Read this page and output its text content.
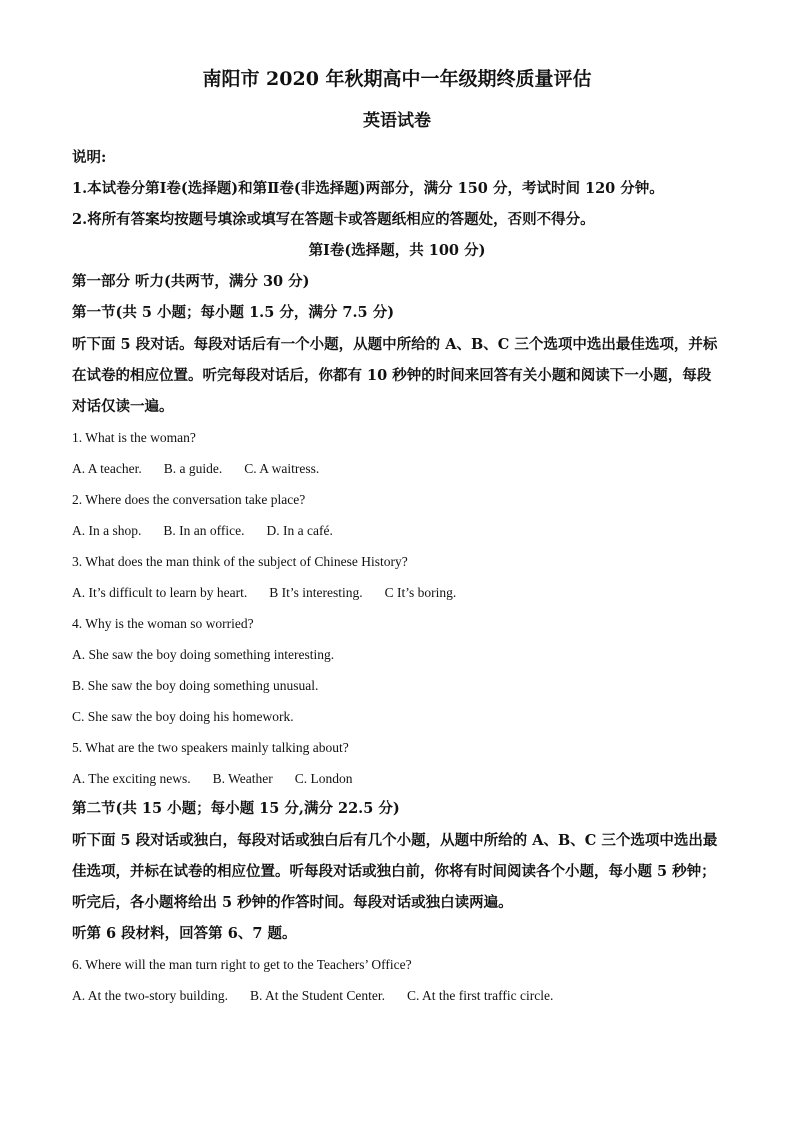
南阳市 2020 年秋期高中一年级期终质量评估
英语试卷

说明:

1.本试卷分第Ⅰ卷(选择题)和第Ⅱ卷(非选择题)两部分，满分 150 分，考试时间 120 分钟。

2.将所有答案均按题号填涂或填写在答题卡或答题纸相应的答题处，否则不得分。

第Ⅰ卷(选择题，共 100 分)

第一部分 听力(共两节，满分 30 分)

第一节(共 5 小题；每小题 1.5 分，满分 7.5 分)

听下面 5 段对话。每段对话后有一个小题，从题中所给的 A、B、C 三个选项中选出最佳选项，并标在试卷的相应位置。听完每段对话后，你都有 10 秒钟的时间来回答有关小题和阅读下一小题，每段对话仅读一遍。

1. What is the woman?

A. A teacher. B. a guide. C. A waitress.

2. Where does the conversation take place?

A. In a shop. B. In an office. D. In a café.

3. What does the man think of the subject of Chinese History?

A. It’s difficult to learn by heart. B It’s interesting. C It’s boring.

4. Why is the woman so worried?

A. She saw the boy doing something interesting.

B. She saw the boy doing something unusual.

C. She saw the boy doing his homework.

5. What are the two speakers mainly talking about?

A. The exciting news. B. Weather C. London

第二节(共 15 小题；每小题 15 分,满分 22.5 分)

听下面 5 段对话或独白，每段对话或独白后有几个小题，从题中所给的 A、B、C 三个选项中选出最佳选项，并标在试卷的相应位置。听每段对话或独白前，你将有时间阅读各个小题，每小题 5 秒钟；听完后，各小题将给出 5 秒钟的作答时间。每段对话或独白读两遍。

听第 6 段材料，回答第 6、7 题。

6. Where will the man turn right to get to the Teachers’ Office?

A. At the two-story building. B. At the Student Center. C. At the first traffic circle.
